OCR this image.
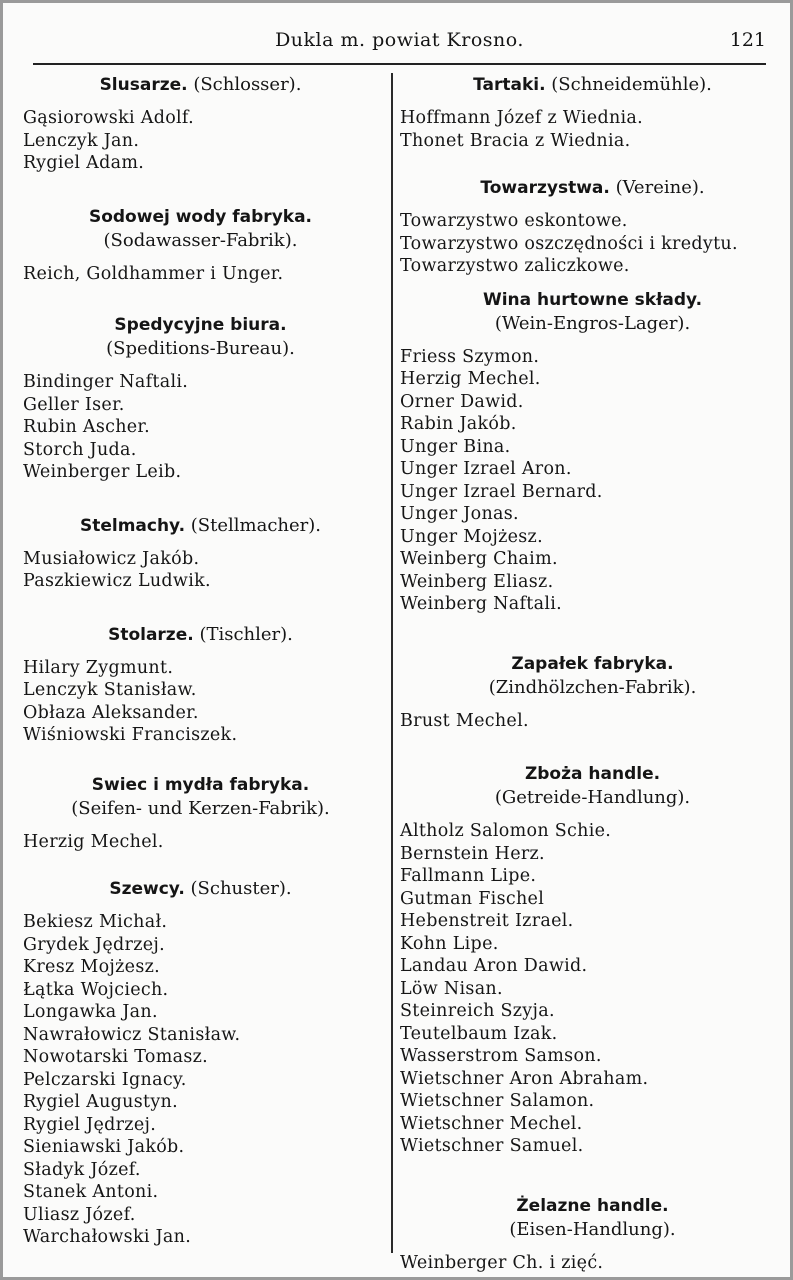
Dukla m. powiat Krosno.	121
Slusarze. (Schlosser).
Gąsiorowski Adolf.
Lenczyk Jan.
Rygiel Adam.
Sodowej wody fabryka.
(Sodawasser-Fabrik).
Reich, Goldhammer i Unger.
Spedycyjne biura.
(Speditions-Bureau).
Bindinger Naftali.
Geller Iser.
Rubin Ascher.
Storch Juda.
Weinberger Leib.
Stelmachy. (Stellmacher).
Musiałowicz Jakób.
Paszkiewicz Ludwik.
Stolarze. (Tischler).
Hilary Zygmunt.
Lenczyk Stanisław.
Obłaza Aleksander.
Wiśniowski Franciszek.
Swiec i mydła fabryka.
(Seifen- und Kerzen-Fabrik).
Herzig Mechel.
Szewcy. (Schuster).
Bekiesz Michał.
Grydek Jędrzej.
Kresz Mojżesz.
Łątka Wojciech.
Longawka Jan.
Nawrałowicz Stanisław.
Nowotarski Tomasz.
Pelczarski Ignacy.
Rygiel Augustyn.
Rygiel Jędrzej.
Sieniawski Jakób.
Sładyk Józef.
Stanek Antoni.
Uliasz Józef.
Warchałowski Jan.
Tartaki. (Schneidemühle).
Hoffmann Józef z Wiednia.
Thonet Bracia z Wiednia.
Towarzystwa. (Vereine).
Towarzystwo eskontowe.
Towarzystwo oszczędności i kredytu.
Towarzystwo zaliczkowe.
Wina hurtowne składy.
(Wein-Engros-Lager).
Friess Szymon.
Herzig Mechel.
Orner Dawid.
Rabin Jakób.
Unger Bina.
Unger Izrael Aron.
Unger Izrael Bernard.
Unger Jonas.
Unger Mojżesz.
Weinberg Chaim.
Weinberg Eliasz.
Weinberg Naftali.
Zapałek fabryka.
(Zindhölzchen-Fabrik).
Brust Mechel.
Zboża handle.
(Getreide-Handlung).
Altholz Salomon Schie.
Bernstein Herz.
Fallmann Lipe.
Gutman Fischel
Hebenstreit Izrael.
Kohn Lipe.
Landau Aron Dawid.
Löw Nisan.
Steinreich Szyja.
Teutelbaum Izak.
Wasserstrom Samson.
Wietschner Aron Abraham.
Wietschner Salamon.
Wietschner Mechel.
Wietschner Samuel.
Żelazne handle.
(Eisen-Handlung).
Weinberger Ch. i zięć.
